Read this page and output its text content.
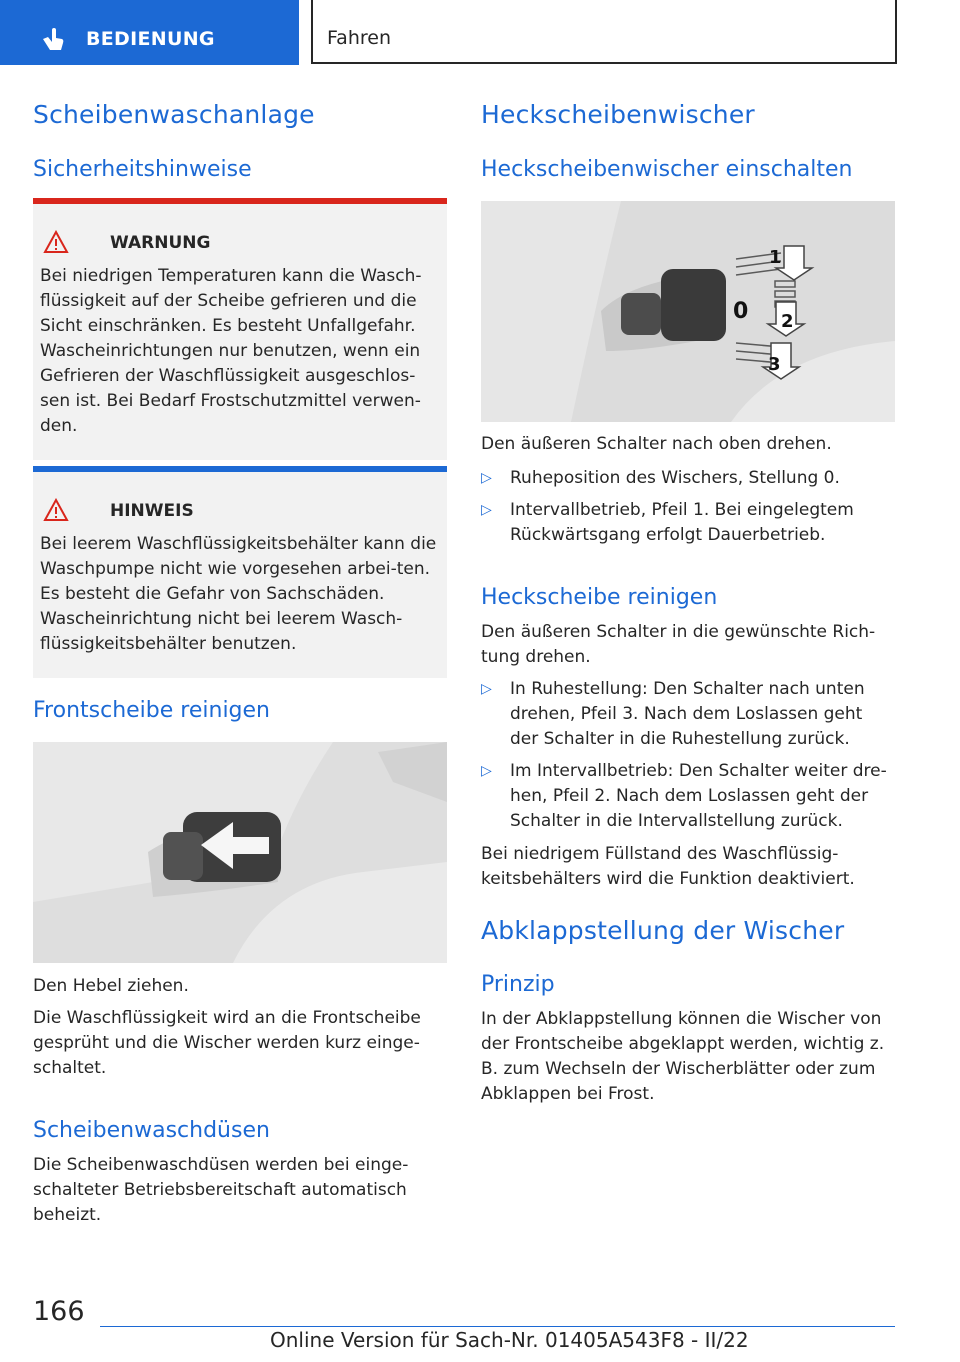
BEDIENUNG	Fahren
Scheibenwaschanlage
Sicherheitshinweise
WARNUNG
Bei niedrigen Temperaturen kann die Wasch-flüssigkeit auf der Scheibe gefrieren und die Sicht einschränken. Es besteht Unfallgefahr. Wascheinrichtungen nur benutzen, wenn ein Gefrieren der Waschflüssigkeit ausgeschlos-sen ist. Bei Bedarf Frostschutzmittel verwen-den.
HINWEIS
Bei leerem Waschflüssigkeitsbehälter kann die Waschpumpe nicht wie vorgesehen arbei-ten. Es besteht die Gefahr von Sachschäden. Wascheinrichtung nicht bei leerem Wasch-flüssigkeitsbehälter benutzen.
Frontscheibe reinigen
Den Hebel ziehen.
Die Waschflüssigkeit wird an die Frontscheibe gesprüht und die Wischer werden kurz einge-schaltet.
Scheibenwaschdüsen
Die Scheibenwaschdüsen werden bei einge-schalteter Betriebsbereitschaft automatisch beheizt.
Heckscheibenwischer
Heckscheibenwischer einschalten
1
0 2
3
Den äußeren Schalter nach oben drehen.
▷ Ruheposition des Wischers, Stellung 0.
▷ Intervallbetrieb, Pfeil 1. Bei eingelegtem Rückwärtsgang erfolgt Dauerbetrieb.
Heckscheibe reinigen
Den äußeren Schalter in die gewünschte Rich-tung drehen.
▷ In Ruhestellung: Den Schalter nach unten drehen, Pfeil 3. Nach dem Loslassen geht der Schalter in die Ruhestellung zurück.
▷ Im Intervallbetrieb: Den Schalter weiter dre-hen, Pfeil 2. Nach dem Loslassen geht der Schalter in die Intervallstellung zurück.
Bei niedrigem Füllstand des Waschflüssig-keitsbehälters wird die Funktion deaktiviert.
Abklappstellung der Wischer
Prinzip
In der Abklappstellung können die Wischer von der Frontscheibe abgeklappt werden, wichtig z. B. zum Wechseln der Wischerblätter oder zum Abklappen bei Frost.
166
Online Version für Sach-Nr. 01405A543F8 - II/22
